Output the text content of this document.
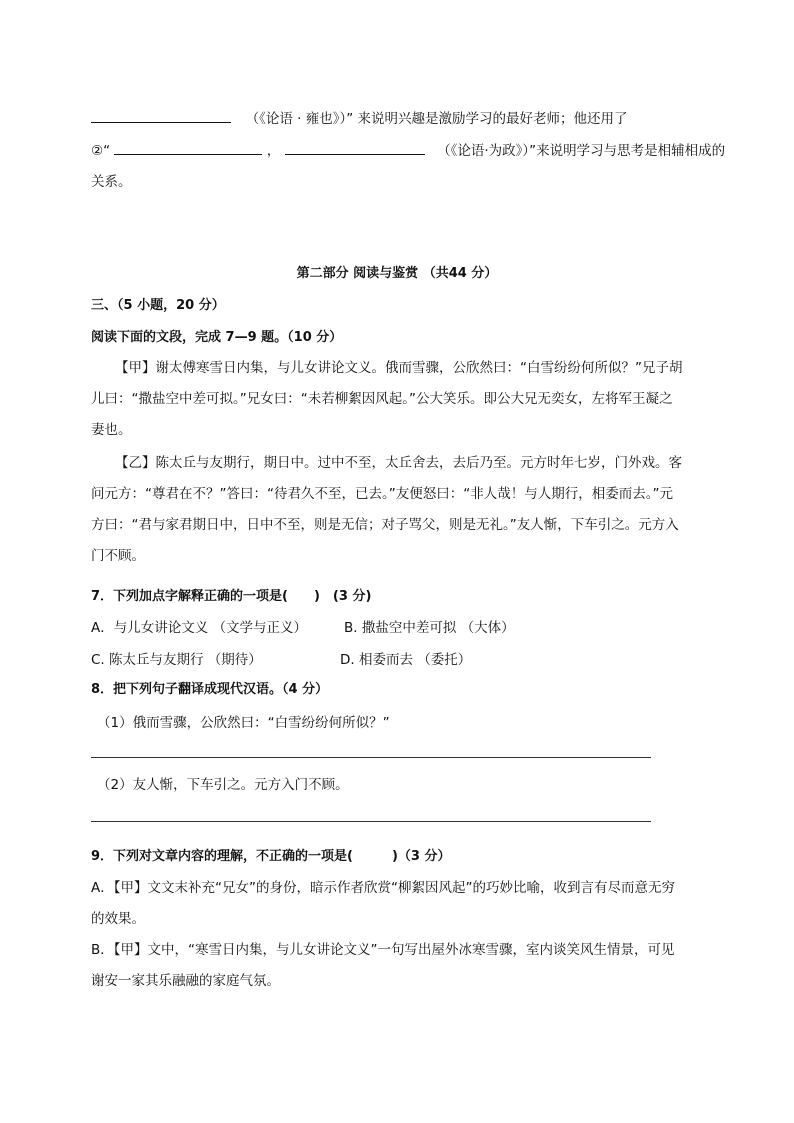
（《论语 · 雍也》）” 来说明兴趣是激励学习的最好老师；他还用了
②“	，	（《论语·为政》）”来说明学习与思考是相辅相成的
关系。
第二部分 阅读与鉴赏 （共44 分）
三、（5 小题，20 分）
阅读下面的文段，完成 7—9 题。（10 分）
【甲】谢太傅寒雪日内集，与儿女讲论文义。俄而雪骤，公欣然曰：“白雪纷纷何所似？”兄子胡
儿曰：“撒盐空中差可拟。”兄女曰：“未若柳絮因风起。”公大笑乐。即公大兄无奕女，左将军王凝之
妻也。
【乙】陈太丘与友期行，期日中。过中不至，太丘舍去，去后乃至。元方时年七岁，门外戏。客
问元方：“尊君在不？”答曰：“待君久不至，已去。”友便怒曰：“非人哉！与人期行，相委而去。”元
方曰：“君与家君期日中，日中不至，则是无信；对子骂父，则是无礼。”友人惭，下车引之。元方入
门不顾。
7．下列加点字解释正确的一项是(　　)　(3 分)
A．与儿女讲论文义 （文学与正义）	B. 撒盐空中差可拟 （大体）
C. 陈太丘与友期行 （期待）	D. 相委而去 （委托）
8．把下列句子翻译成现代汉语。（4 分）
（1）俄而雪骤，公欣然曰：“白雪纷纷何所似？”
（2）友人惭，下车引之。元方入门不顾。
9．下列对文章内容的理解，不正确的一项是(　　　)（3 分）
A．【甲】文文末补充“兄女”的身份，暗示作者欣赏“柳絮因风起”的巧妙比喻，收到言有尽而意无穷
的效果。
B．【甲】文中，“寒雪日内集，与儿女讲论文义”一句写出屋外冰寒雪骤，室内谈笑风生情景，可见
谢安一家其乐融融的家庭气氛。
